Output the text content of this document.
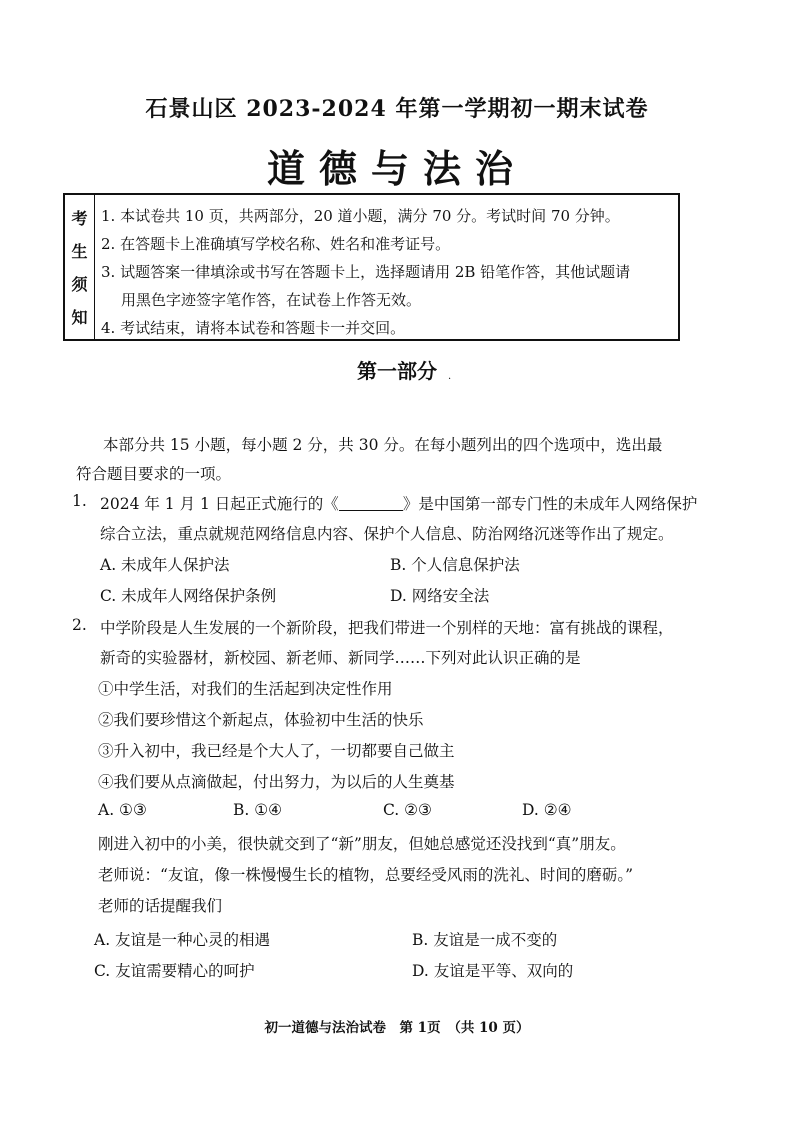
石景山区 2023-2024 年第一学期初一期末试卷
道德与法治
考
生
须
知
1. 本试卷共 10 页，共两部分，20 道小题，满分 70 分。考试时间 70 分钟。
2. 在答题卡上准确填写学校名称、姓名和准考证号。
3. 试题答案一律填涂或书写在答题卡上，选择题请用 2B 铅笔作答，其他试题请
用黑色字迹签字笔作答，在试卷上作答无效。
4. 考试结束，请将本试卷和答题卡一并交回。
第一部分	.
本部分共 15 小题，每小题 2 分，共 30 分。在每小题列出的四个选项中，选出最
符合题目要求的一项。
1. 2024 年 1 月 1 日起正式施行的《	》是中国第一部专门性的未成年人网络保护
综合立法，重点就规范网络信息内容、保护个人信息、防治网络沉迷等作出了规定。
A. 未成年人保护法	B. 个人信息保护法
C. 未成年人网络保护条例	D. 网络安全法
2. 中学阶段是人生发展的一个新阶段，把我们带进一个别样的天地：富有挑战的课程，
新奇的实验器材，新校园、新老师、新同学……下列对此认识正确的是
①中学生活，对我们的生活起到决定性作用
②我们要珍惜这个新起点，体验初中生活的快乐
③升入初中，我已经是个大人了，一切都要自己做主
④我们要从点滴做起，付出努力，为以后的人生奠基
A. ①③	B. ①④	C. ②③	D. ②④
刚进入初中的小美，很快就交到了“新”朋友，但她总感觉还没找到“真”朋友。
老师说：“友谊，像一株慢慢生长的植物，总要经受风雨的洗礼、时间的磨砺。”
老师的话提醒我们
A. 友谊是一种心灵的相遇	B. 友谊是一成不变的
C. 友谊需要精心的呵护	D. 友谊是平等、双向的
初一道德与法治试卷　第 1页　（共 10 页）
